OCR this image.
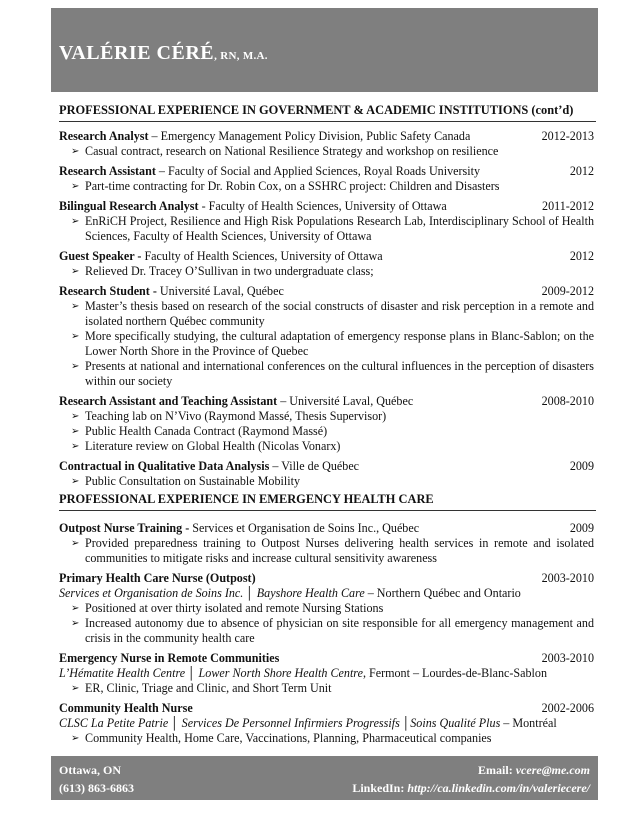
VALÉRIE CÉRÉ, RN, M.A.
PROFESSIONAL EXPERIENCE IN GOVERNMENT & ACADEMIC INSTITUTIONS (cont’d)
Research Analyst – Emergency Management Policy Division, Public Safety Canada	2012-2013
➢ Casual contract, research on National Resilience Strategy and workshop on resilience
Research Assistant – Faculty of Social and Applied Sciences, Royal Roads University	2012
➢ Part-time contracting for Dr. Robin Cox, on a SSHRC project: Children and Disasters
Bilingual Research Analyst - Faculty of Health Sciences, University of Ottawa	2011-2012
➢ EnRiCH Project, Resilience and High Risk Populations Research Lab, Interdisciplinary School of Health Sciences, Faculty of Health Sciences, University of Ottawa
Guest Speaker - Faculty of Health Sciences, University of Ottawa	2012
➢ Relieved Dr. Tracey O’Sullivan in two undergraduate class;
Research Student - Université Laval, Québec	2009-2012
➢ Master’s thesis based on research of the social constructs of disaster and risk perception in a remote and isolated northern Québec community
➢ More specifically studying, the cultural adaptation of emergency response plans in Blanc-Sablon; on the Lower North Shore in the Province of Quebec
➢ Presents at national and international conferences on the cultural influences in the perception of disasters within our society
Research Assistant and Teaching Assistant – Université Laval, Québec	2008-2010
➢ Teaching lab on N’Vivo (Raymond Massé, Thesis Supervisor)
➢ Public Health Canada Contract (Raymond Massé)
➢ Literature review on Global Health (Nicolas Vonarx)
Contractual in Qualitative Data Analysis – Ville de Québec	2009
➢ Public Consultation on Sustainable Mobility
PROFESSIONAL EXPERIENCE IN EMERGENCY HEALTH CARE
Outpost Nurse Training - Services et Organisation de Soins Inc., Québec	2009
➢ Provided preparedness training to Outpost Nurses delivering health services in remote and isolated communities to mitigate risks and increase cultural sensitivity awareness
Primary Health Care Nurse (Outpost)	2003-2010
Services et Organisation de Soins Inc. │ Bayshore Health Care – Northern Québec and Ontario
➢ Positioned at over thirty isolated and remote Nursing Stations
➢ Increased autonomy due to absence of physician on site responsible for all emergency management and crisis in the community health care
Emergency Nurse in Remote Communities	2003-2010
L’Hématite Health Centre │ Lower North Shore Health Centre, Fermont – Lourdes-de-Blanc-Sablon
➢ ER, Clinic, Triage and Clinic, and Short Term Unit
Community Health Nurse	2002-2006
CLSC La Petite Patrie │ Services De Personnel Infirmiers Progressifs │Soins Qualité Plus – Montréal
➢ Community Health, Home Care, Vaccinations, Planning, Pharmaceutical companies
Ottawa, ON
(613) 863-6863
Email: vcere@me.com
LinkedIn: http://ca.linkedin.com/in/valeriecere/
